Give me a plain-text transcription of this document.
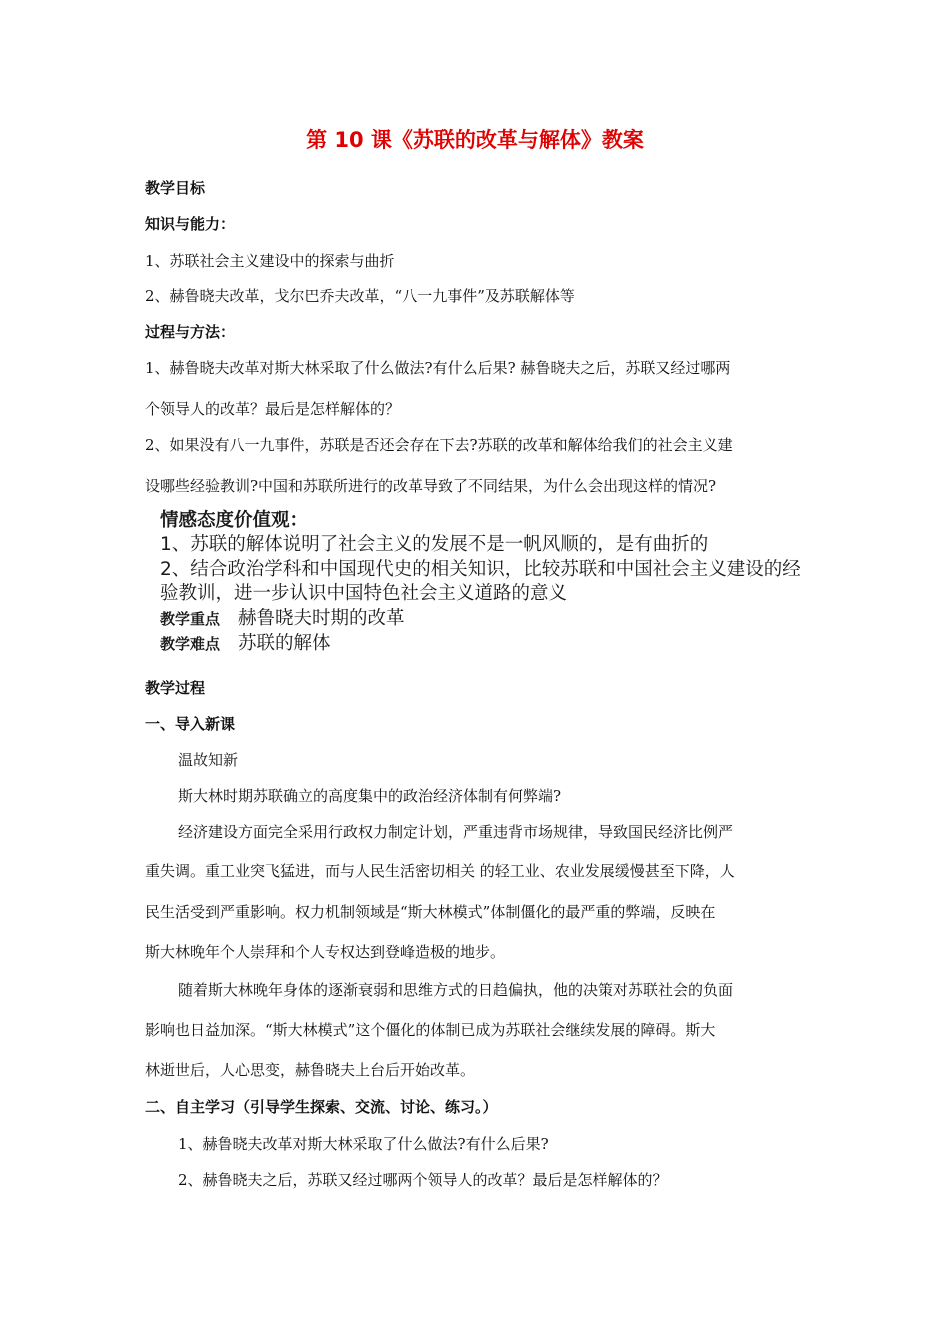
第 10 课《苏联的改革与解体》教案
教学目标
知识与能力：
1、苏联社会主义建设中的探索与曲折
2、赫鲁晓夫改革，戈尔巴乔夫改革，“八一九事件”及苏联解体等
过程与方法：
1、赫鲁晓夫改革对斯大林采取了什么做法?有什么后果? 赫鲁晓夫之后，苏联又经过哪两
个领导人的改革？最后是怎样解体的？
2、如果没有八一九事件，苏联是否还会存在下去?苏联的改革和解体给我们的社会主义建
设哪些经验教训?中国和苏联所进行的改革导致了不同结果，为什么会出现这样的情况?
情感态度价值观：
1、苏联的解体说明了社会主义的发展不是一帆风顺的，是有曲折的
2、结合政治学科和中国现代史的相关知识，比较苏联和中国社会主义建设的经
验教训，进一步认识中国特色社会主义道路的意义
教学重点 赫鲁晓夫时期的改革
教学难点 苏联的解体
教学过程
一、导入新课
温故知新
斯大林时期苏联确立的高度集中的政治经济体制有何弊端?
经济建设方面完全采用行政权力制定计划，严重违背市场规律，导致国民经济比例严
重失调。重工业突飞猛进，而与人民生活密切相关 的轻工业、农业发展缓慢甚至下降，人
民生活受到严重影响。权力机制领域是“斯大林模式”体制僵化的最严重的弊端，反映在
斯大林晚年个人崇拜和个人专权达到登峰造极的地步。
随着斯大林晚年身体的逐渐衰弱和思维方式的日趋偏执，他的决策对苏联社会的负面
影响也日益加深。“斯大林模式”这个僵化的体制已成为苏联社会继续发展的障碍。斯大
林逝世后，人心思变，赫鲁晓夫上台后开始改革。
二、自主学习（引导学生探索、交流、讨论、练习。）
1、赫鲁晓夫改革对斯大林采取了什么做法?有什么后果?
2、赫鲁晓夫之后，苏联又经过哪两个领导人的改革？最后是怎样解体的？
